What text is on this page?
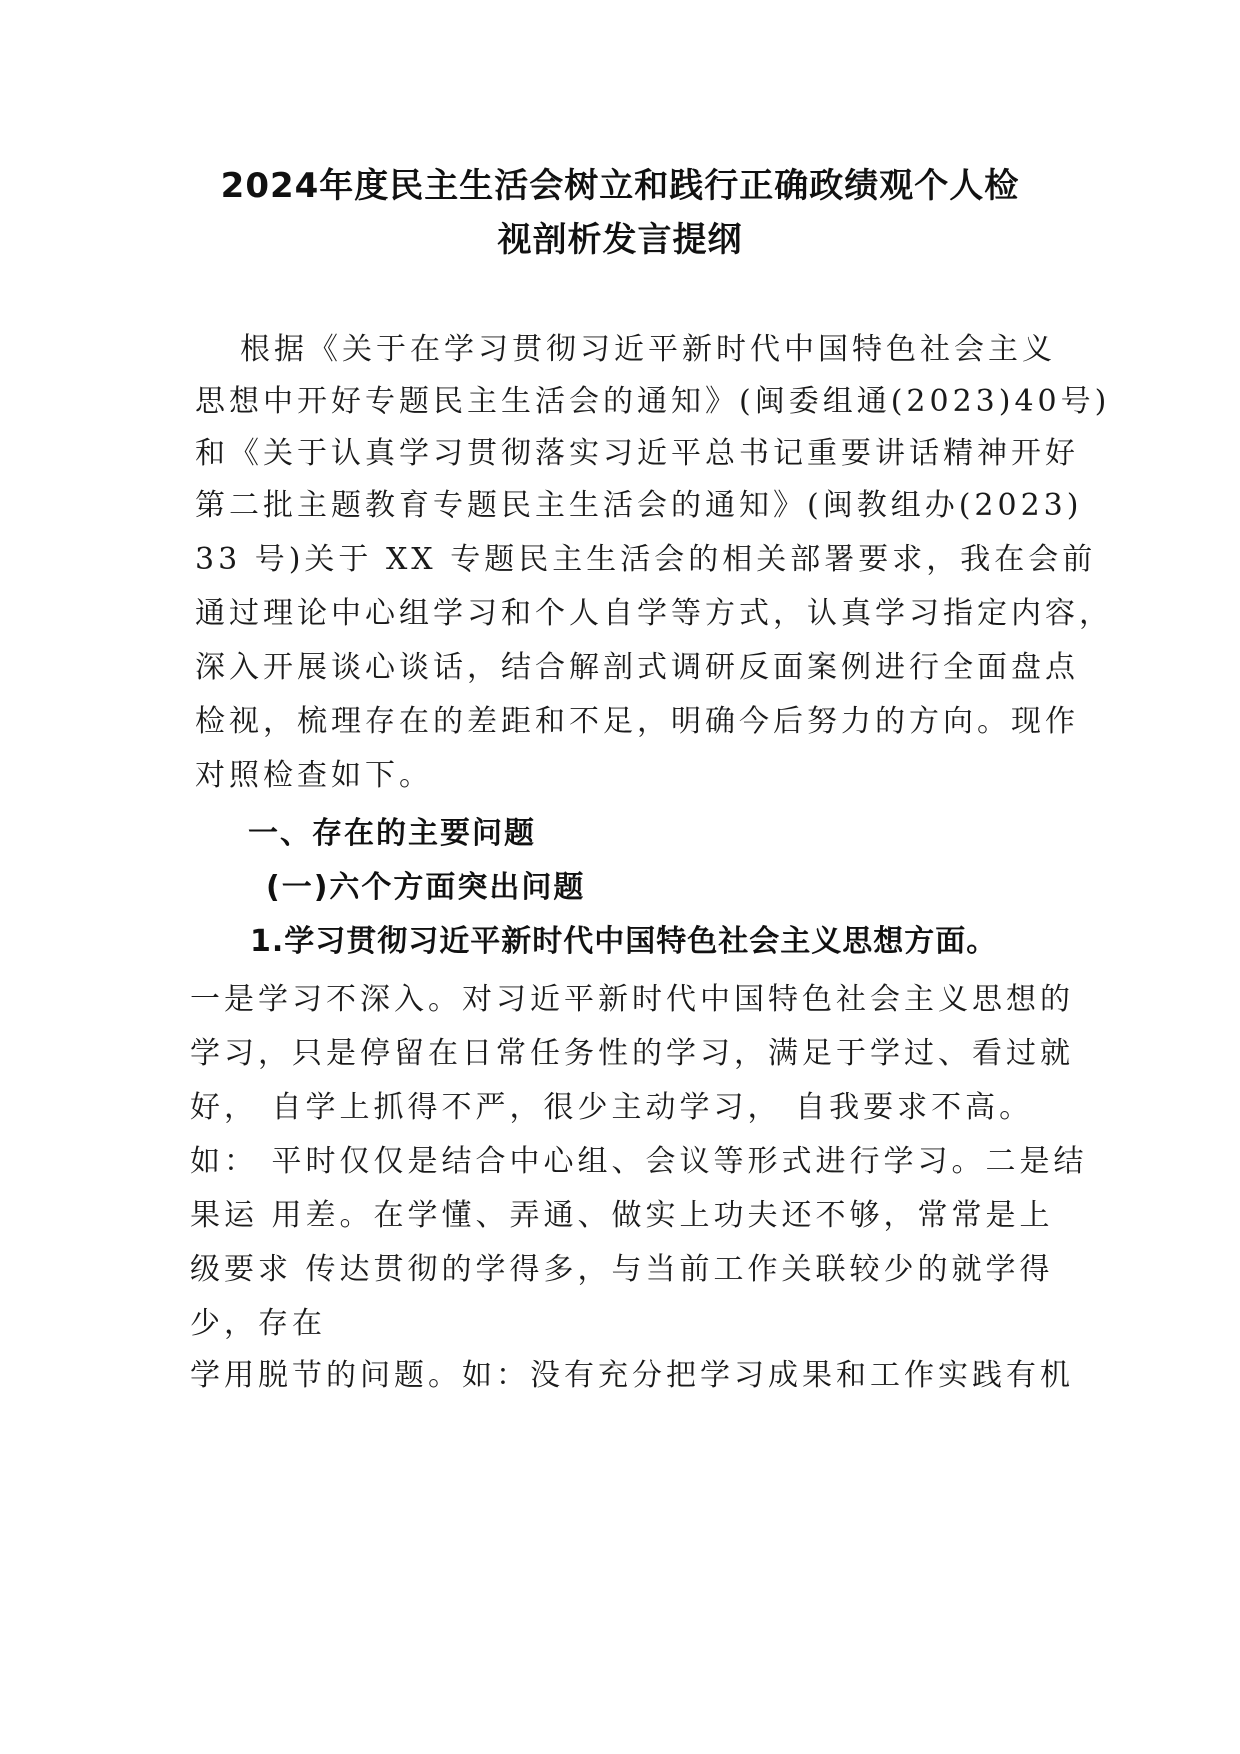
2024年度民主生活会树立和践行正确政绩观个人检
视剖析发言提纲
根据《关于在学习贯彻习近平新时代中国特色社会主义
思想中开好专题民主生活会的通知》(闽委组通(2023)40号)
和《关于认真学习贯彻落实习近平总书记重要讲话精神开好
第二批主题教育专题民主生活会的通知》(闽教组办(2023)
33 号)关于 XX 专题民主生活会的相关部署要求，我在会前
通过理论中心组学习和个人自学等方式，认真学习指定内容，
深入开展谈心谈话，结合解剖式调研反面案例进行全面盘点
检视，梳理存在的差距和不足，明确今后努力的方向。现作
对照检查如下。
一、存在的主要问题
(一)六个方面突出问题
1.学习贯彻习近平新时代中国特色社会主义思想方面。
一是学习不深入。对习近平新时代中国特色社会主义思想的
学习，只是停留在日常任务性的学习，满足于学过、看过就
好， 自学上抓得不严，很少主动学习， 自我要求不高。
如： 平时仅仅是结合中心组、会议等形式进行学习。二是结
果运 用差。在学懂、弄通、做实上功夫还不够，常常是上
级要求 传达贯彻的学得多，与当前工作关联较少的就学得
少，存在
学用脱节的问题。如：没有充分把学习成果和工作实践有机
